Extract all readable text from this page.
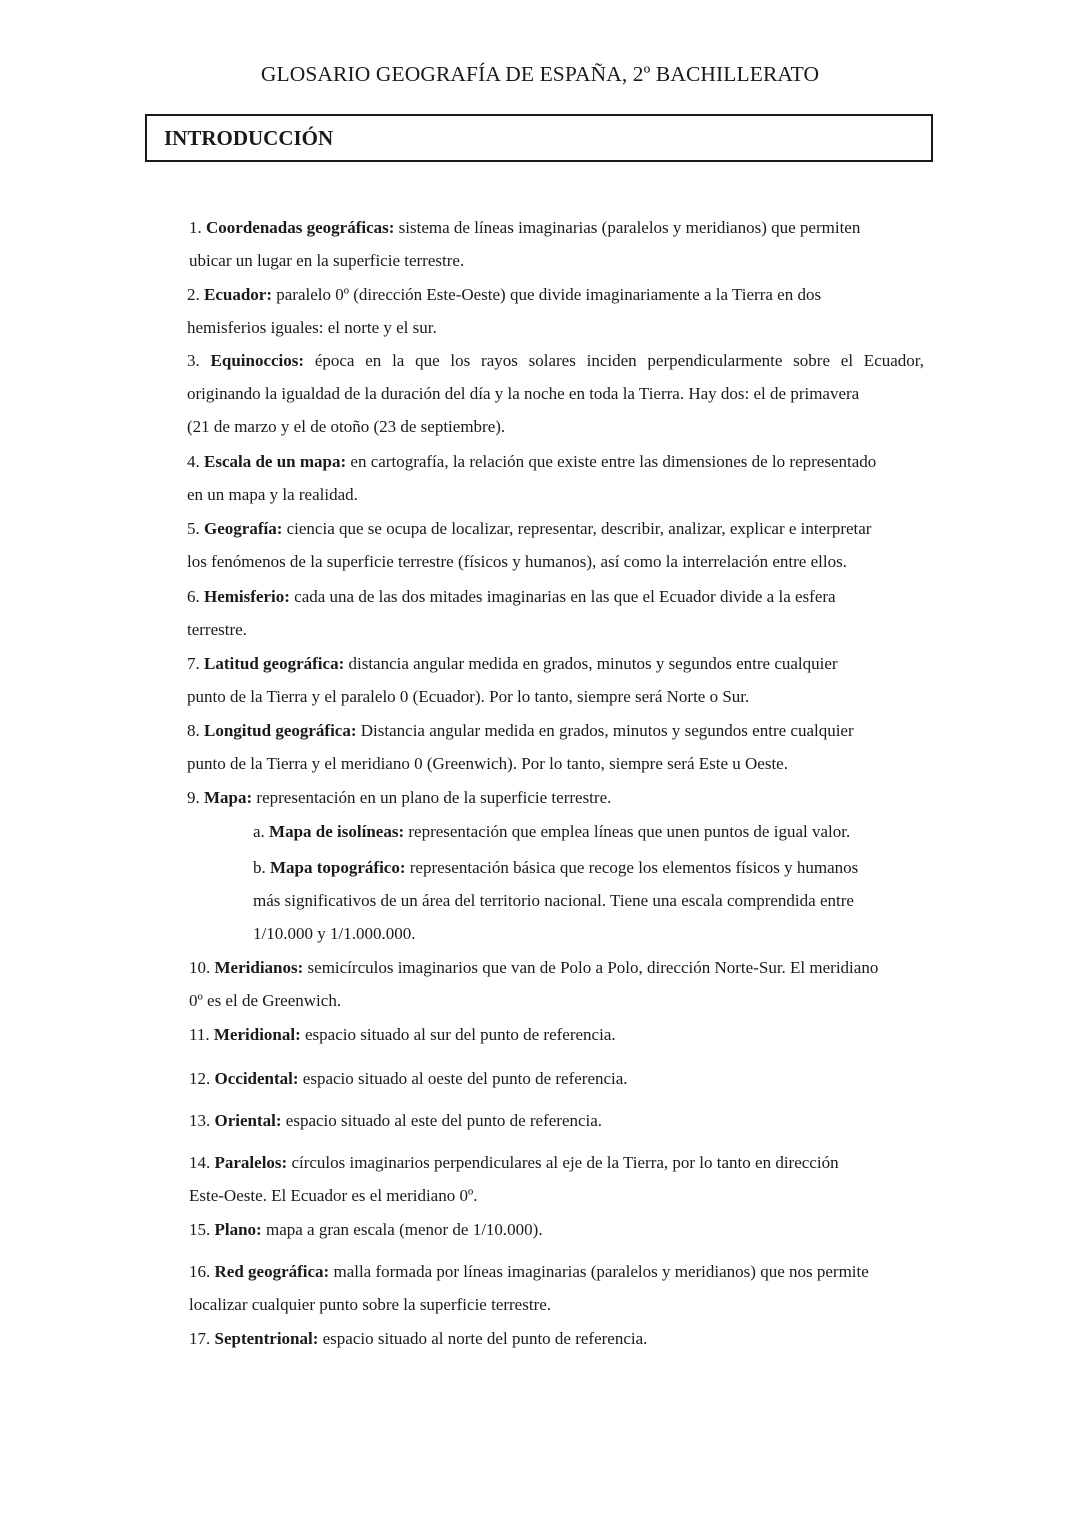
GLOSARIO GEOGRAFÍA DE ESPAÑA, 2º BACHILLERATO
INTRODUCCIÓN
1. Coordenadas geográficas: sistema de líneas imaginarias (paralelos y meridianos) que permiten
ubicar un lugar en la superficie terrestre.
2. Ecuador: paralelo 0º (dirección Este-Oeste) que divide imaginariamente a la Tierra en dos
hemisferios iguales: el norte y el sur.
3. Equinoccios: época en la que los rayos solares inciden perpendicularmente sobre el Ecuador,
originando la igualdad de la duración del día y la noche en toda la Tierra. Hay dos: el de primavera
(21 de marzo y el de otoño (23 de septiembre).
4. Escala de un mapa: en cartografía, la relación que existe entre las dimensiones de lo representado
en un mapa y la realidad.
5. Geografía: ciencia que se ocupa de localizar, representar, describir, analizar, explicar e interpretar
los fenómenos de la superficie terrestre (físicos y humanos), así como la interrelación entre ellos.
6. Hemisferio: cada una de las dos mitades imaginarias en las que el Ecuador divide a la esfera
terrestre.
7. Latitud geográfica: distancia angular medida en grados, minutos y segundos entre cualquier
punto de la Tierra y el paralelo 0 (Ecuador). Por lo tanto, siempre será Norte o Sur.
8. Longitud geográfica: Distancia angular medida en grados, minutos y segundos entre cualquier
punto de la Tierra y el meridiano 0 (Greenwich). Por lo tanto, siempre será Este u Oeste.
9. Mapa: representación en un plano de la superficie terrestre.
a. Mapa de isolíneas: representación que emplea líneas que unen puntos de igual valor.
b. Mapa topográfico: representación básica que recoge los elementos físicos y humanos
más significativos de un área del territorio nacional. Tiene una escala comprendida entre
1/10.000 y 1/1.000.000.
10. Meridianos: semicírculos imaginarios que van de Polo a Polo, dirección Norte-Sur. El meridiano
0º es el de Greenwich.
11. Meridional: espacio situado al sur del punto de referencia.
12. Occidental: espacio situado al oeste del punto de referencia.
13. Oriental: espacio situado al este del punto de referencia.
14. Paralelos: círculos imaginarios perpendiculares al eje de la Tierra, por lo tanto en dirección
Este-Oeste. El Ecuador es el meridiano 0º.
15. Plano: mapa a gran escala (menor de 1/10.000).
16. Red geográfica: malla formada por líneas imaginarias (paralelos y meridianos) que nos permite
localizar cualquier punto sobre la superficie terrestre.
17. Septentrional: espacio situado al norte del punto de referencia.
